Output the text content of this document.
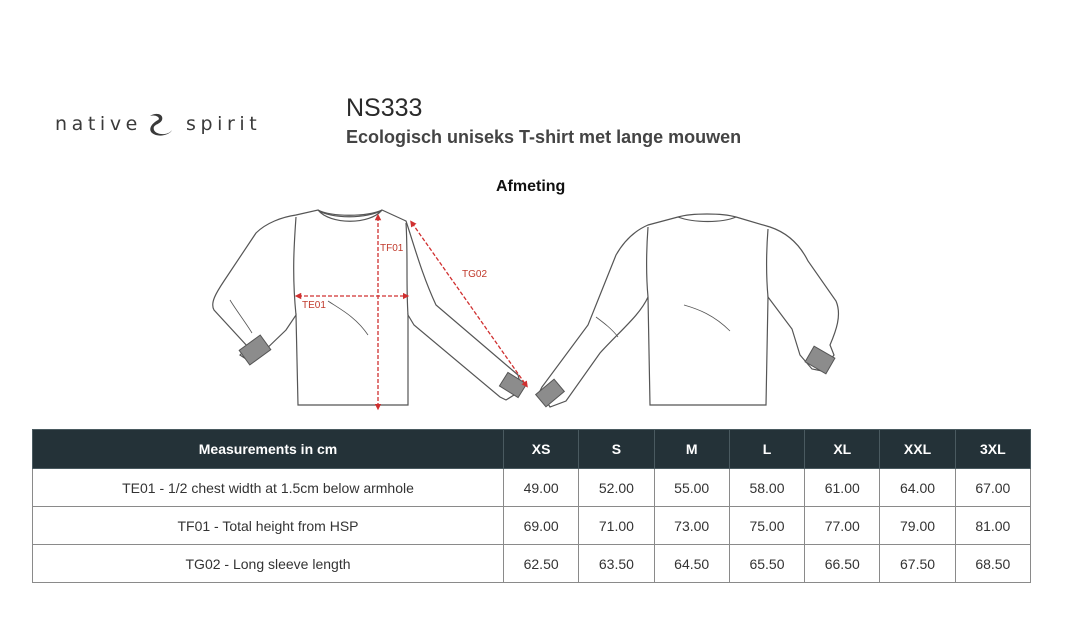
native spirit
NS333
Ecologisch uniseks T-shirt met lange mouwen
Afmeting
TF01
TE01
TG02
Measurements in cm	XS	S	M	L	XL	XXL	3XL
TE01 - 1/2 chest width at 1.5cm below armhole	49.00	52.00	55.00	58.00	61.00	64.00	67.00
TF01 - Total height from HSP	69.00	71.00	73.00	75.00	77.00	79.00	81.00
TG02 - Long sleeve length	62.50	63.50	64.50	65.50	66.50	67.50	68.50
